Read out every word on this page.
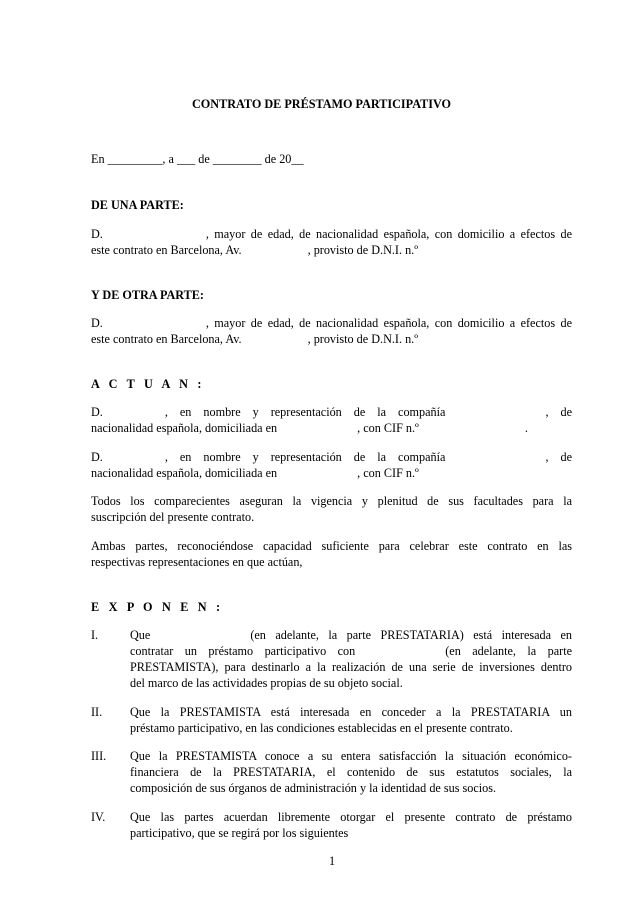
CONTRATO DE PRÉSTAMO PARTICIPATIVO
En _________, a ___ de ________ de 20__
DE UNA PARTE:
D.	, mayor de edad, de nacionalidad española, con domicilio a efectos de
este contrato en Barcelona, Av.	, provisto de D.N.I. n.º
Y DE OTRA PARTE:
D.	, mayor de edad, de nacionalidad española, con domicilio a efectos de
este contrato en Barcelona, Av.	, provisto de D.N.I. n.º
A C T U A N :
D.	, en nombre y representación de la compañía	, de
nacionalidad española, domiciliada en	, con CIF n.º	.
D.	, en nombre y representación de la compañía	, de
nacionalidad española, domiciliada en	, con CIF n.º
Todos los comparecientes aseguran la vigencia y plenitud de sus facultades para la
suscripción del presente contrato.
Ambas partes, reconociéndose capacidad suficiente para celebrar este contrato en las
respectivas representaciones en que actúan,
E X P O N E N :
I.	Que	(en adelante, la parte PRESTATARIA) está interesada en
contratar un préstamo participativo con	(en adelante, la parte
PRESTAMISTA), para destinarlo a la realización de una serie de inversiones dentro
del marco de las actividades propias de su objeto social.
II. Que la PRESTAMISTA está interesada en conceder a la PRESTATARIA un
préstamo participativo, en las condiciones establecidas en el presente contrato.
III. Que la PRESTAMISTA conoce a su entera satisfacción la situación económico-
financiera de la PRESTATARIA, el contenido de sus estatutos sociales, la
composición de sus órganos de administración y la identidad de sus socios.
IV. Que las partes acuerdan libremente otorgar el presente contrato de préstamo
participativo, que se regirá por los siguientes
1
